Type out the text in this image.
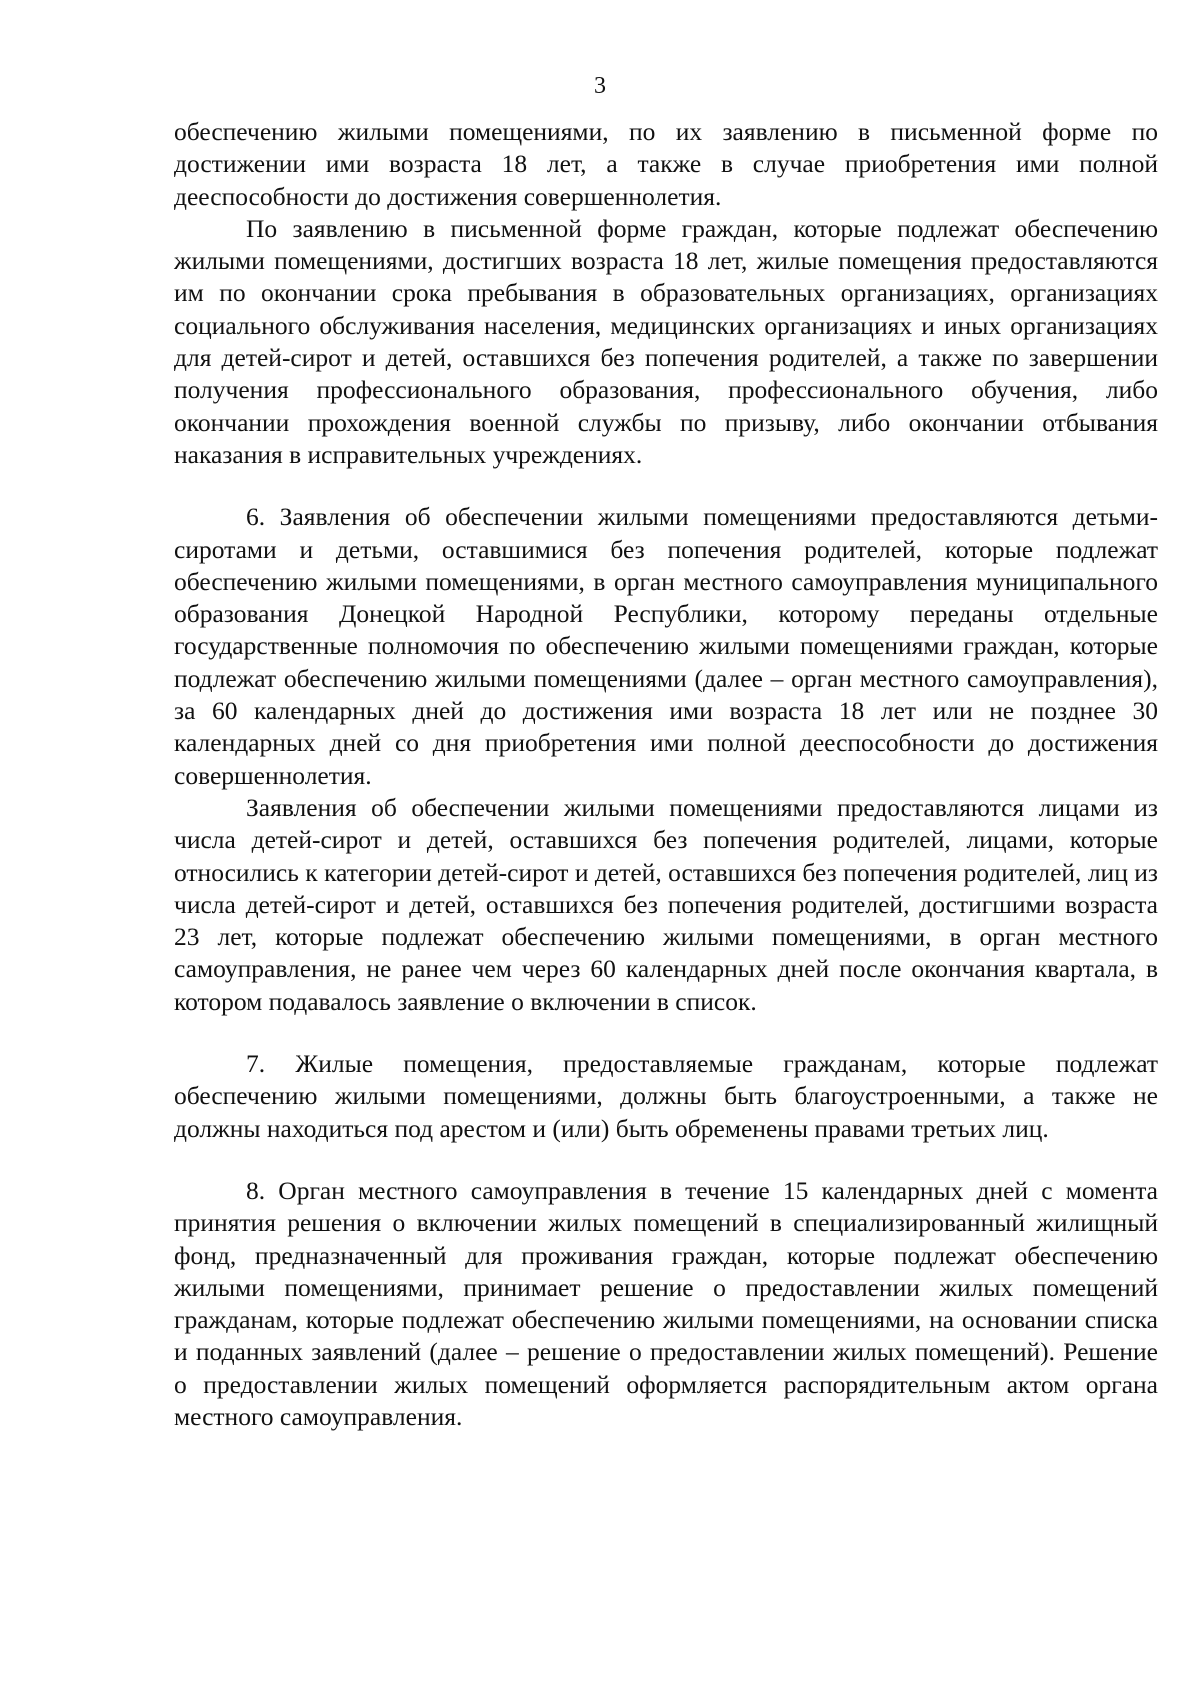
3

обеспечению жилыми помещениями, по их заявлению в письменной форме по достижении ими возраста 18 лет, а также в случае приобретения ими полной дееспособности до достижения совершеннолетия.

По заявлению в письменной форме граждан, которые подлежат обеспечению жилыми помещениями, достигших возраста 18 лет, жилые помещения предоставляются им по окончании срока пребывания в образовательных организациях, организациях социального обслуживания населения, медицинских организациях и иных организациях для детей-сирот и детей, оставшихся без попечения родителей, а также по завершении получения профессионального образования, профессионального обучения, либо окончании прохождения военной службы по призыву, либо окончании отбывания наказания в исправительных учреждениях.

6. Заявления об обеспечении жилыми помещениями предоставляются детьми-сиротами и детьми, оставшимися без попечения родителей, которые подлежат обеспечению жилыми помещениями, в орган местного самоуправления муниципального образования Донецкой Народной Республики, которому переданы отдельные государственные полномочия по обеспечению жилыми помещениями граждан, которые подлежат обеспечению жилыми помещениями (далее – орган местного самоуправления), за 60 календарных дней до достижения ими возраста 18 лет или не позднее 30 календарных дней со дня приобретения ими полной дееспособности до достижения совершеннолетия.

Заявления об обеспечении жилыми помещениями предоставляются лицами из числа детей-сирот и детей, оставшихся без попечения родителей, лицами, которые относились к категории детей-сирот и детей, оставшихся без попечения родителей, лиц из числа детей-сирот и детей, оставшихся без попечения родителей, достигшими возраста 23 лет, которые подлежат обеспечению жилыми помещениями, в орган местного самоуправления, не ранее чем через 60 календарных дней после окончания квартала, в котором подавалось заявление о включении в список.

7. Жилые помещения, предоставляемые гражданам, которые подлежат обеспечению жилыми помещениями, должны быть благоустроенными, а также не должны находиться под арестом и (или) быть обременены правами третьих лиц.

8. Орган местного самоуправления в течение 15 календарных дней с момента принятия решения о включении жилых помещений в специализированный жилищный фонд, предназначенный для проживания граждан, которые подлежат обеспечению жилыми помещениями, принимает решение о предоставлении жилых помещений гражданам, которые подлежат обеспечению жилыми помещениями, на основании списка и поданных заявлений (далее – решение о предоставлении жилых помещений). Решение о предоставлении жилых помещений оформляется распорядительным актом органа местного самоуправления.
